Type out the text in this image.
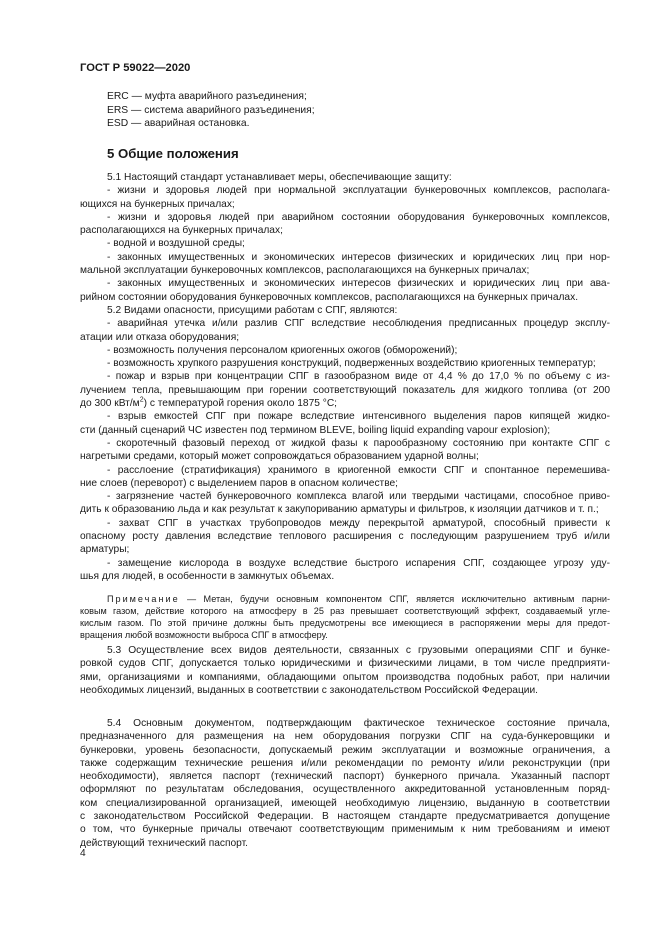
ГОСТ Р 59022—2020
ERC — муфта аварийного разъединения;
ERS — система аварийного разъединения;
ESD — аварийная остановка.
5 Общие положения
5.1 Настоящий стандарт устанавливает меры, обеспечивающие защиту:
- жизни и здоровья людей при нормальной эксплуатации бункеровочных комплексов, располага-
ющихся на бункерных причалах;
- жизни и здоровья людей при аварийном состоянии оборудования бункеровочных комплексов,
располагающихся на бункерных причалах;
- водной и воздушной среды;
- законных имущественных и экономических интересов физических и юридических лиц при нор-
мальной эксплуатации бункеровочных комплексов, располагающихся на бункерных причалах;
- законных имущественных и экономических интересов физических и юридических лиц при ава-
рийном состоянии оборудования бункеровочных комплексов, располагающихся на бункерных причалах.
5.2 Видами опасности, присущими работам с СПГ, являются:
- аварийная утечка и/или разлив СПГ вследствие несоблюдения предписанных процедур эксплу-
атации или отказа оборудования;
- возможность получения персоналом криогенных ожогов (обморожений);
- возможность хрупкого разрушения конструкций, подверженных воздействию криогенных температур;
- пожар и взрыв при концентрации СПГ в газообразном виде от 4,4 % до 17,0 % по объему с из-
лучением тепла, превышающим при горении соответствующий показатель для жидкого топлива (от 200
до 300 кВт/$м^2$) с температурой горения около 1875 °С;
- взрыв емкостей СПГ при пожаре вследствие интенсивного выделения паров кипящей жидко-
сти (данный сценарий ЧС известен под термином BLEVE, boiling liquid expanding vapour explosion);
- скоротечный фазовый переход от жидкой фазы к парообразному состоянию при контакте СПГ с
нагретыми средами, который может сопровождаться образованием ударной волны;
- расслоение (стратификация) хранимого в криогенной емкости СПГ и спонтанное перемешива-
ние слоев (переворот) с выделением паров в опасном количестве;
- загрязнение частей бункеровочного комплекса влагой или твердыми частицами, способное приво-
дить к образованию льда и как результат к закупориванию арматуры и фильтров, к изоляции датчиков и т. п.;
- захват СПГ в участках трубопроводов между перекрытой арматурой, способный привести к
опасному росту давления вследствие теплового расширения с последующим разрушением труб и/или
арматуры;
- замещение кислорода в воздухе вследствие быстрого испарения СПГ, создающее угрозу уду-
шья для людей, в особенности в замкнутых объемах.
Примечание — Метан, будучи основным компонентом СПГ, является исключительно активным парни-
ковым газом, действие которого на атмосферу в 25 раз превышает соответствующий эффект, создаваемый угле-
кислым газом. По этой причине должны быть предусмотрены все имеющиеся в распоряжении меры для предот-
вращения любой возможности выброса СПГ в атмосферу.
5.3 Осуществление всех видов деятельности, связанных с грузовыми операциями СПГ и бунке-
ровкой судов СПГ, допускается только юридическими и физическими лицами, в том числе предприяти-
ями, организациями и компаниями, обладающими опытом производства подобных работ, при наличии
необходимых лицензий, выданных в соответствии с законодательством Российской Федерации.
5.4 Основным документом, подтверждающим фактическое техническое состояние причала,
предназначенного для размещения на нем оборудования погрузки СПГ на суда-бункеровщики и
бункеровки, уровень безопасности, допускаемый режим эксплуатации и возможные ограничения, а
также содержащим технические решения и/или рекомендации по ремонту и/или реконструкции (при
необходимости), является паспорт (технический паспорт) бункерного причала. Указанный паспорт
оформляют по результатам обследования, осуществленного аккредитованной установленным поряд-
ком специализированной организацией, имеющей необходимую лицензию, выданную в соответствии
с законодательством Российской Федерации. В настоящем стандарте предусматривается допущение
о том, что бункерные причалы отвечают соответствующим применимым к ним требованиям и имеют
действующий технический паспорт.
4
